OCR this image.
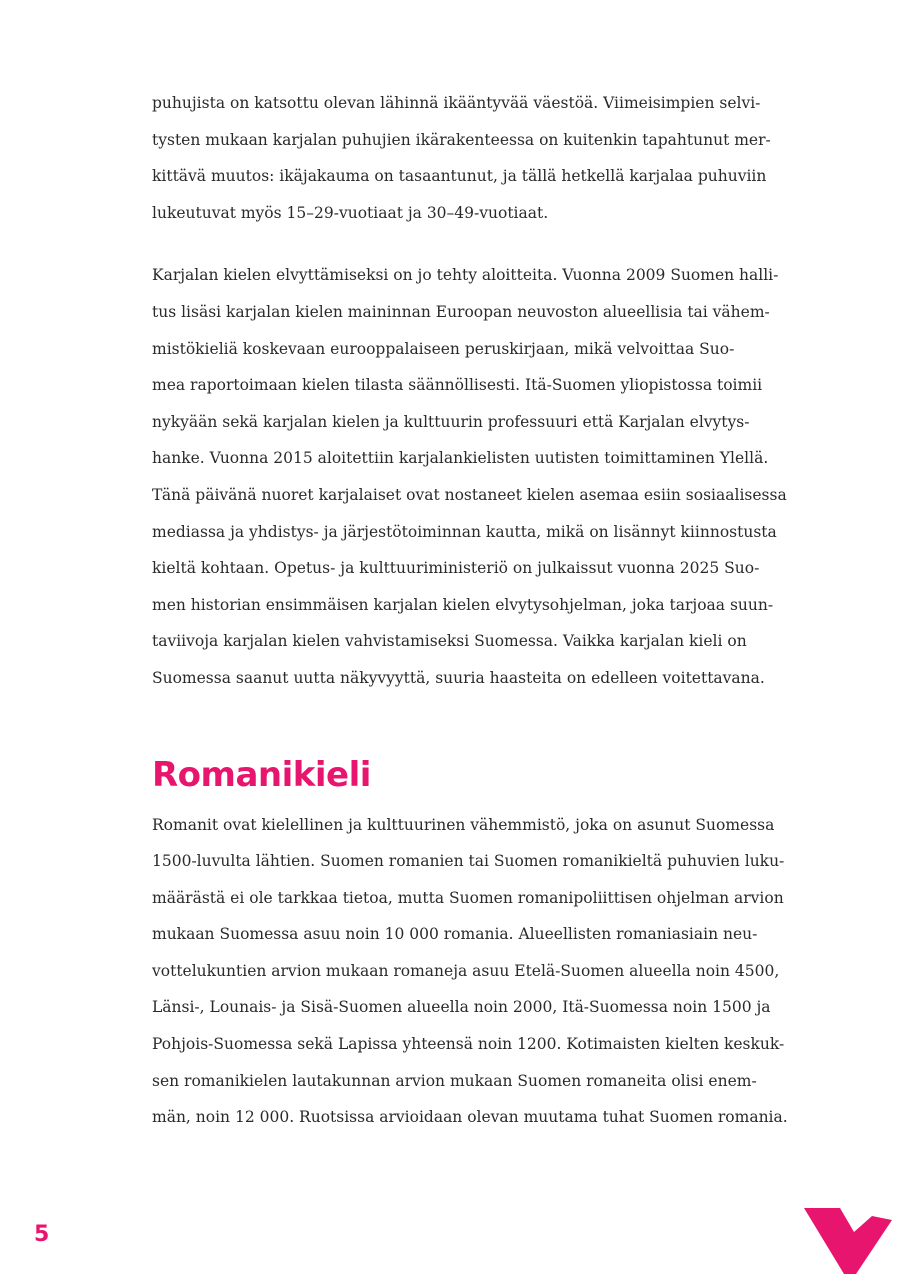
puhujista on katsottu olevan lähinnä ikääntyvää väestöä. Viimeisimpien selvi-
tysten mukaan karjalan puhujien ikärakenteessa on kuitenkin tapahtunut mer-
kittävä muutos: ikäjakauma on tasaantunut, ja tällä hetkellä karjalaa puhuviin
lukeutuvat myös 15–29-vuotiaat ja 30–49-vuotiaat.
Karjalan kielen elvyttämiseksi on jo tehty aloitteita. Vuonna 2009 Suomen halli-
tus lisäsi karjalan kielen maininnan Euroopan neuvoston alueellisia tai vähem-
mistökieliä koskevaan eurooppalaiseen peruskirjaan, mikä velvoittaa Suo-
mea raportoimaan kielen tilasta säännöllisesti. Itä-Suomen yliopistossa toimii
nykyään sekä karjalan kielen ja kulttuurin professuuri että Karjalan elvytys-
hanke. Vuonna 2015 aloitettiin karjalankielisten uutisten toimittaminen Ylellä.
Tänä päivänä nuoret karjalaiset ovat nostaneet kielen asemaa esiin sosiaalisessa
mediassa ja yhdistys- ja järjestötoiminnan kautta, mikä on lisännyt kiinnostusta
kieltä kohtaan. Opetus- ja kulttuuriministeriö on julkaissut vuonna 2025 Suo-
men historian ensimmäisen karjalan kielen elvytysohjelman, joka tarjoaa suun-
taviivoja karjalan kielen vahvistamiseksi Suomessa. Vaikka karjalan kieli on
Suomessa saanut uutta näkyvyyttä, suuria haasteita on edelleen voitettavana.
Romanikieli
Romanit ovat kielellinen ja kulttuurinen vähemmistö, joka on asunut Suomessa
1500-luvulta lähtien. Suomen romanien tai Suomen romanikieltä puhuvien luku-
määrästä ei ole tarkkaa tietoa, mutta Suomen romanipoliittisen ohjelman arvion
mukaan Suomessa asuu noin 10 000 romania. Alueellisten romaniasiain neu-
vottelukuntien arvion mukaan romaneja asuu Etelä-Suomen alueella noin 4500,
Länsi-, Lounais- ja Sisä-Suomen alueella noin 2000, Itä-Suomessa noin 1500 ja
Pohjois-Suomessa sekä Lapissa yhteensä noin 1200. Kotimaisten kielten keskuk-
sen romanikielen lautakunnan arvion mukaan Suomen romaneita olisi enem-
män, noin 12 000. Ruotsissa arvioidaan olevan muutama tuhat Suomen romania.
5
